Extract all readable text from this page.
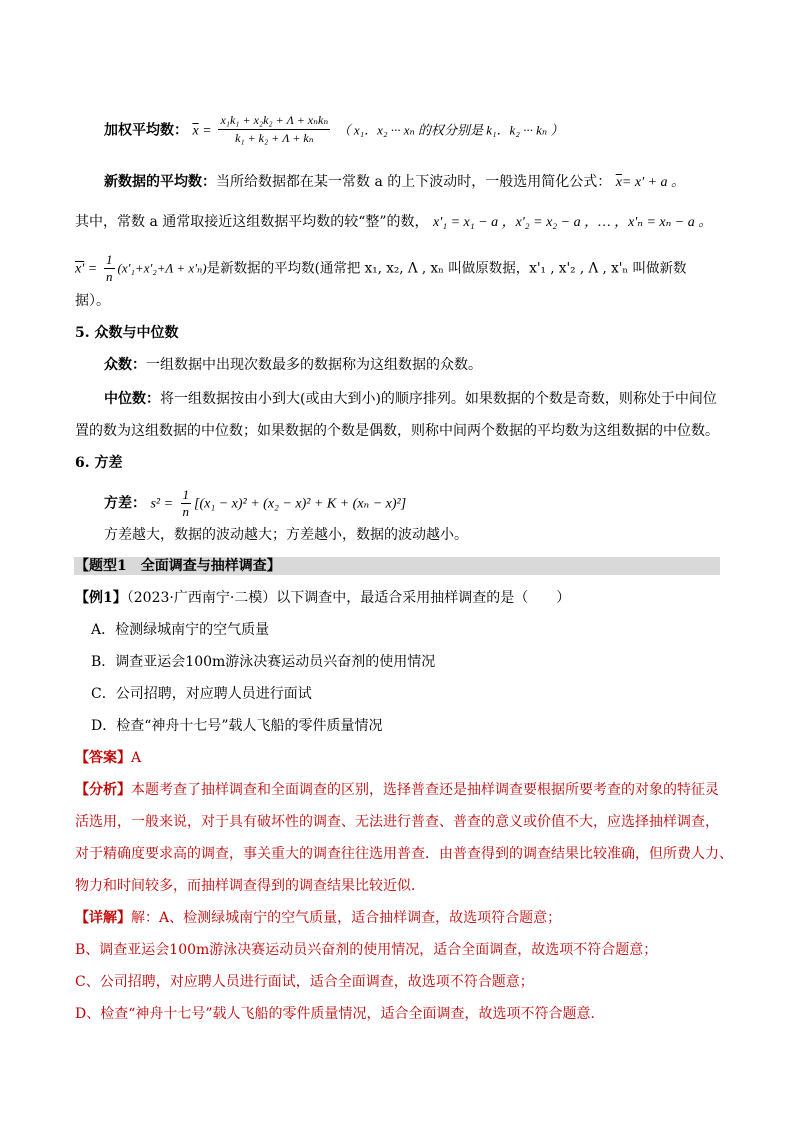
加权平均数： $\overline{x} = \frac{\text{x₁k₁ + x₂k₂ + Λ + xₙkₙ}}{\text{k₁ + k₂ + Λ + kₙ}}$ （ x₁．x₂ ··· xₙ 的权分别是 k₁．k₂ ··· kₙ ）
新数据的平均数：当所给数据都在某一常数 a 的上下波动时，一般选用简化公式： $\overline{x}= x' + a$ 。
其中，常数 a 通常取接近这组数据平均数的较“整”的数， x'₁ = x₁ − a ，x'₂ = x₂ − a ，… ，x'ₙ = xₙ − a 。
$x' = \frac{1}{n} (x'_1+x'_2+\Lambda + x'_n)$是新数据的平均数(通常把 x₁, x₂, Λ , xₙ 叫做原数据，x'₁ , x'₂ , Λ , x'ₙ 叫做新数
据）。
5. 众数与中位数
众数：一组数据中出现次数最多的数据称为这组数据的众数。
中位数：将一组数据按由小到大(或由大到小)的顺序排列。如果数据的个数是奇数，则称处于中间位
置的数为这组数据的中位数；如果数据的个数是偶数，则称中间两个数据的平均数为这组数据的中位数。
6. 方差
方差： $s^2 = \frac{1}{n} [(x_1 - x)^2 + (x_2 - x)^2 + K + (x_n - x)^2]$
方差越大，数据的波动越大；方差越小，数据的波动越小。
【题型1　全面调查与抽样调查】
【例1】（2023·广西南宁·二模）以下调查中，最适合采用抽样调查的是（　　）
A．检测绿城南宁的空气质量
B．调查亚运会100m游泳决赛运动员兴奋剂的使用情况
C．公司招聘，对应聘人员进行面试
D．检查“神舟十七号”载人飞船的零件质量情况
【答案】A
【分析】本题考查了抽样调查和全面调查的区别，选择普查还是抽样调查要根据所要考查的对象的特征灵
活选用，一般来说，对于具有破坏性的调查、无法进行普查、普查的意义或价值不大，应选择抽样调查，
对于精确度要求高的调查，事关重大的调查往往选用普查．由普查得到的调查结果比较准确，但所费人力、
物力和时间较多，而抽样调查得到的调查结果比较近似．
【详解】解：A、检测绿城南宁的空气质量，适合抽样调查，故选项符合题意；
B、调查亚运会100m游泳决赛运动员兴奋剂的使用情况，适合全面调查，故选项不符合题意；
C、公司招聘，对应聘人员进行面试，适合全面调查，故选项不符合题意；
D、检查“神舟十七号”载人飞船的零件质量情况，适合全面调查，故选项不符合题意．
